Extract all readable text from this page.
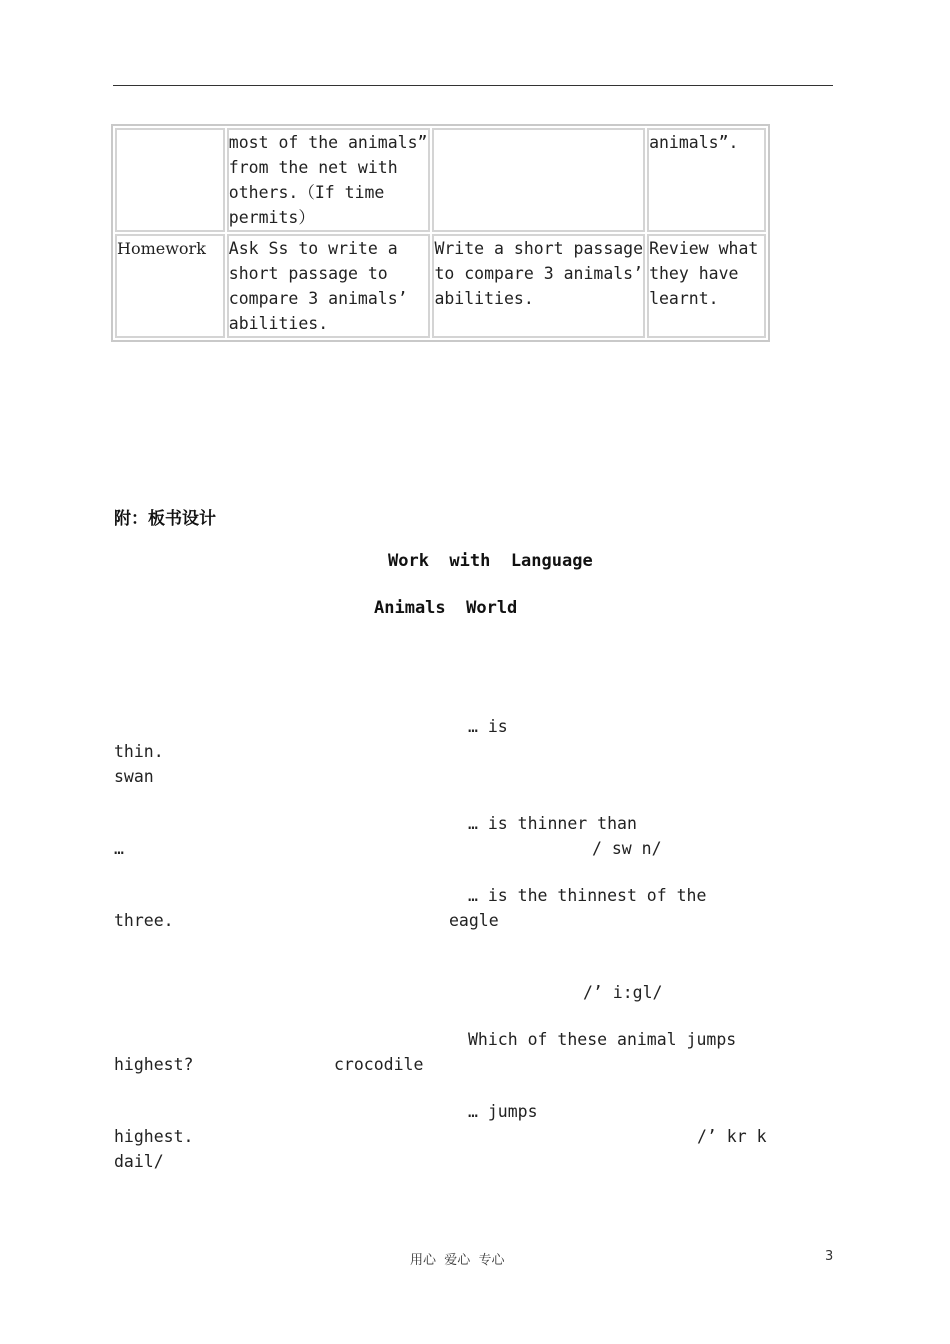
	most of the animals”
from the net with
others.（If time
permits）		animals”.
Homework	Ask Ss to write a
short passage to
compare 3 animals’
abilities.	Write a short passage
to compare 3 animals’
abilities.	Review what
they have
learnt.
附：板书设计
Work  with  Language
Animals  World
… is
thin.
swan
… is thinner than
…	/ sw n/
… is the thinnest of the
three.	eagle
/’ i:gl/
Which of these animal jumps
highest?	crocodile
… jumps
highest.	/’ kr k
dail/
用心  爱心  专心	3
